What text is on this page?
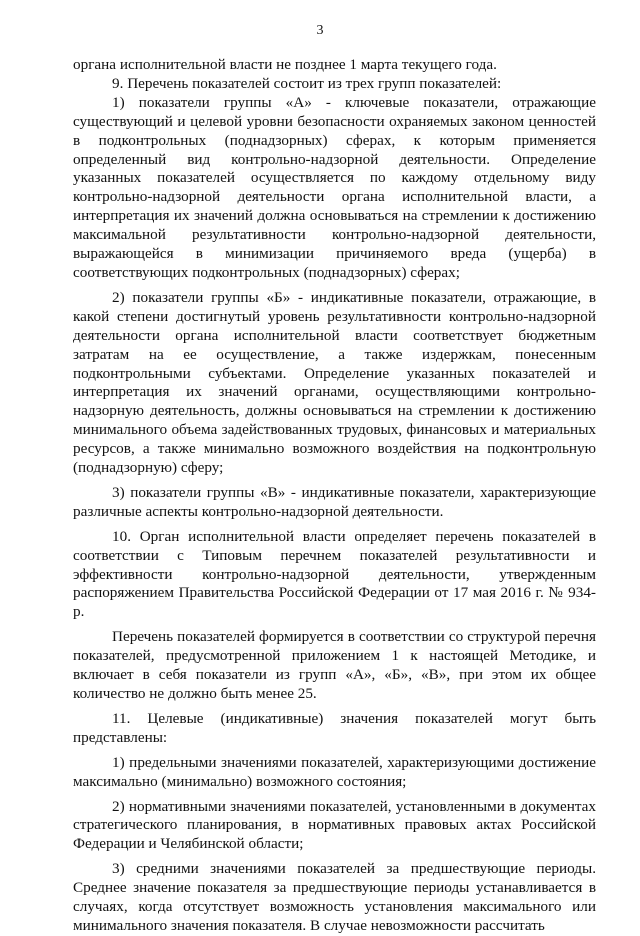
3

органа исполнительной власти не позднее 1 марта текущего года.

9. Перечень показателей состоит из трех групп показателей:

1) показатели группы «А» - ключевые показатели, отражающие существующий и целевой уровни безопасности охраняемых законом ценностей в подконтрольных (поднадзорных) сферах, к которым применяется определенный вид контрольно-надзорной деятельности. Определение указанных показателей осуществляется по каждому отдельному виду контрольно-надзорной деятельности органа исполнительной власти, а интерпретация их значений должна основываться на стремлении к достижению максимальной результативности контрольно-надзорной деятельности, выражающейся в минимизации причиняемого вреда (ущерба) в соответствующих подконтрольных (поднадзорных) сферах;

2) показатели группы «Б» - индикативные показатели, отражающие, в какой степени достигнутый уровень результативности контрольно-надзорной деятельности органа исполнительной власти соответствует бюджетным затратам на ее осуществление, а также издержкам, понесенным подконтрольными субъектами. Определение указанных показателей и интерпретация их значений органами, осуществляющими контрольно-надзорную деятельность, должны основываться на стремлении к достижению минимального объема задействованных трудовых, финансовых и материальных ресурсов, а также минимально возможного воздействия на подконтрольную (поднадзорную) сферу;

3) показатели группы «В» - индикативные показатели, характеризующие различные аспекты контрольно-надзорной деятельности.

10. Орган исполнительной власти определяет перечень показателей в соответствии с Типовым перечнем показателей результативности и эффективности контрольно-надзорной деятельности, утвержденным распоряжением Правительства Российской Федерации от 17 мая 2016 г. № 934-р.

Перечень показателей формируется в соответствии со структурой перечня показателей, предусмотренной приложением 1 к настоящей Методике, и включает в себя показатели из групп «А», «Б», «В», при этом их общее количество не должно быть менее 25.

11. Целевые (индикативные) значения показателей могут быть представлены:

1) предельными значениями показателей, характеризующими достижение максимально (минимально) возможного состояния;

2) нормативными значениями показателей, установленными в документах стратегического планирования, в нормативных правовых актах Российской Федерации и Челябинской области;

3) средними значениями показателей за предшествующие периоды. Среднее значение показателя за предшествующие периоды устанавливается в случаях, когда отсутствует возможность установления максимального или минимального значения показателя. В случае невозможности рассчитать
